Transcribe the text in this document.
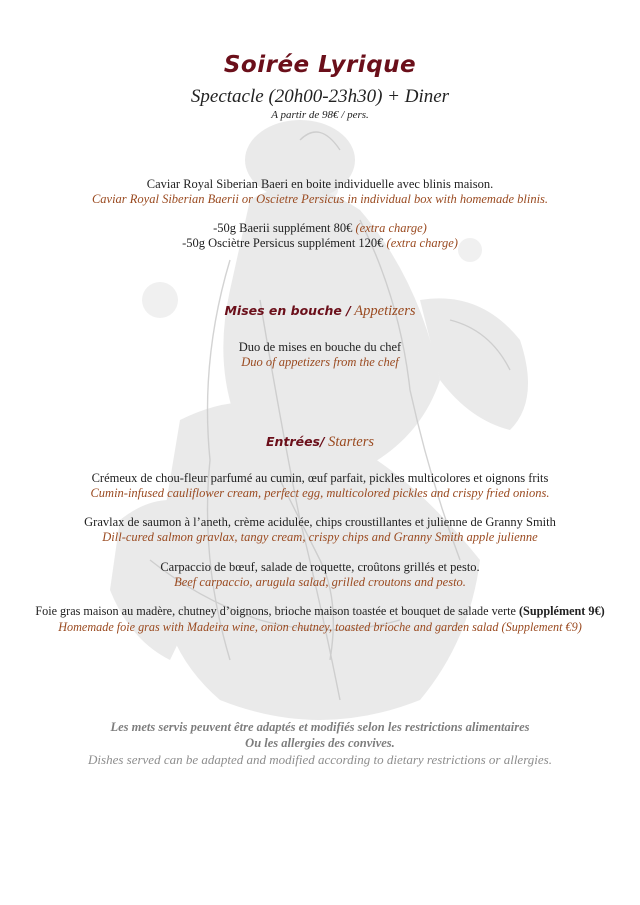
Soirée Lyrique
Spectacle (20h00-23h30) + Diner
A partir de 98€ / pers.
Caviar Royal Siberian Baeri en boite individuelle avec blinis maison.
Caviar Royal Siberian Baerii or Oscietre Persicus in individual box with homemade blinis.
-50g Baerii supplément 80€ (extra charge)
-50g Osciètre Persicus supplément 120€ (extra charge)
Mises en bouche / Appetizers
Duo de mises en bouche du chef
Duo of appetizers from the chef
Entrées/ Starters
Crémeux de chou-fleur parfumé au cumin, œuf parfait, pickles multicolores et oignons frits
Cumin-infused cauliflower cream, perfect egg, multicolored pickles and crispy fried onions.
Gravlax de saumon à l’aneth, crème acidulée, chips croustillantes et julienne de Granny Smith
Dill-cured salmon gravlax, tangy cream, crispy chips and Granny Smith apple julienne
Carpaccio de bœuf, salade de roquette, croûtons grillés et pesto.
Beef carpaccio, arugula salad, grilled croutons and pesto.
Foie gras maison au madère, chutney d’oignons, brioche maison toastée et bouquet de salade verte (Supplément 9€)
Homemade foie gras with Madeira wine, onion chutney, toasted brioche and garden salad (Supplement €9)
Les mets servis peuvent être adaptés et modifiés selon les restrictions alimentaires
Ou les allergies des convives.
Dishes served can be adapted and modified according to dietary restrictions or allergies.
